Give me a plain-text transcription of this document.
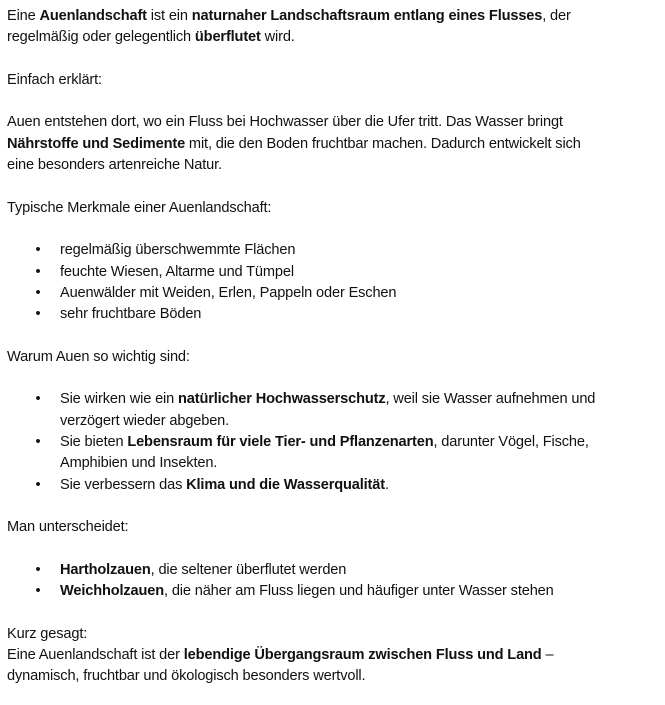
Eine Auenlandschaft ist ein naturnaher Landschaftsraum entlang eines Flusses, der

regelmäßig oder gelegentlich überflutet wird.

Einfach erklärt:

Auen entstehen dort, wo ein Fluss bei Hochwasser über die Ufer tritt. Das Wasser bringt

Nährstoffe und Sedimente mit, die den Boden fruchtbar machen. Dadurch entwickelt sich

eine besonders artenreiche Natur.

Typische Merkmale einer Auenlandschaft:

• regelmäßig überschwemmte Flächen
• feuchte Wiesen, Altarme und Tümpel
• Auenwälder mit Weiden, Erlen, Pappeln oder Eschen
• sehr fruchtbare Böden

Warum Auen so wichtig sind:

• Sie wirken wie ein natürlicher Hochwasserschutz, weil sie Wasser aufnehmen und
verzögert wieder abgeben.
• Sie bieten Lebensraum für viele Tier- und Pflanzenarten, darunter Vögel, Fische,
Amphibien und Insekten.
• Sie verbessern das Klima und die Wasserqualität.

Man unterscheidet:

• Hartholzauen, die seltener überflutet werden
• Weichholzauen, die näher am Fluss liegen und häufiger unter Wasser stehen

Kurz gesagt:

Eine Auenlandschaft ist der lebendige Übergangsraum zwischen Fluss und Land –

dynamisch, fruchtbar und ökologisch besonders wertvoll.
